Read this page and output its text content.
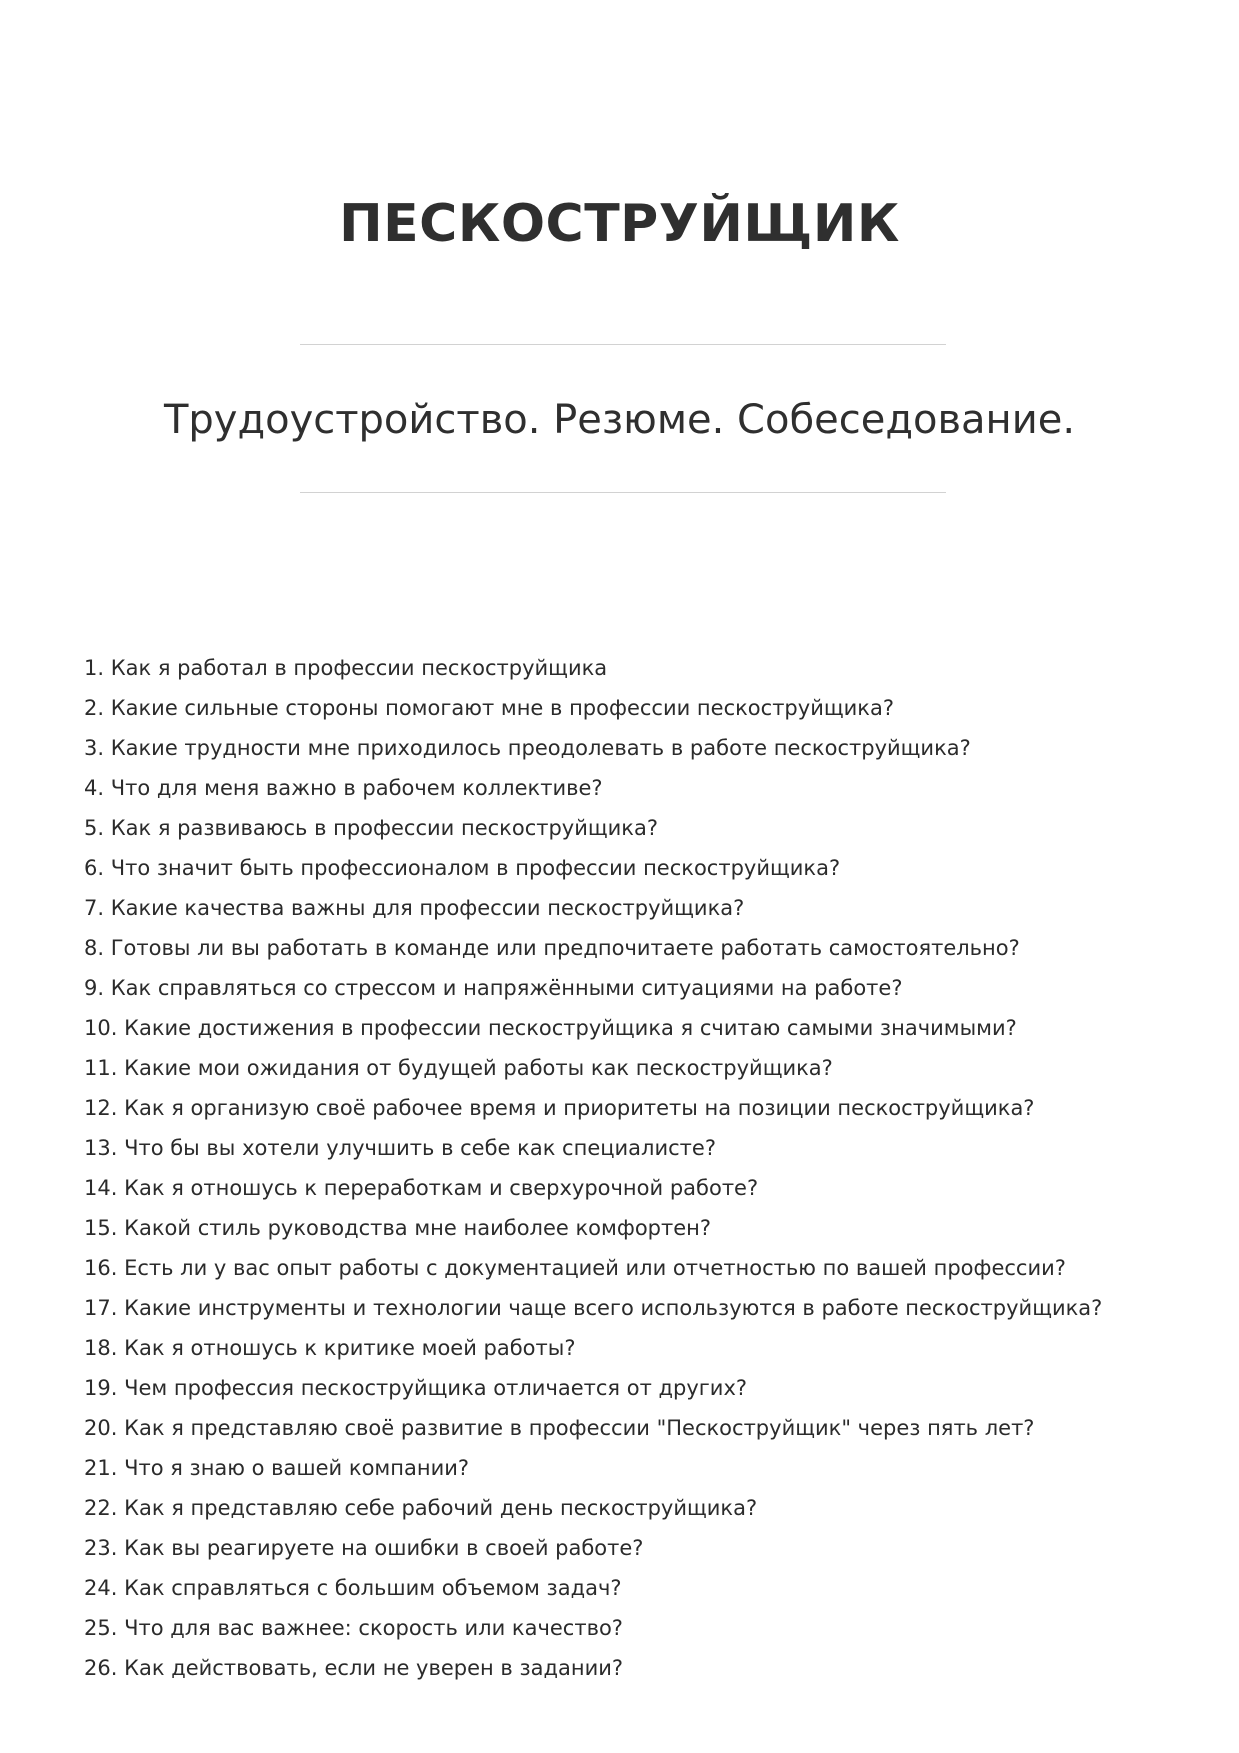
ПЕСКОСТРУЙЩИК
Трудоустройство. Резюме. Собеседование.
1. Как я работал в профессии пескоструйщика
2. Какие сильные стороны помогают мне в профессии пескоструйщика?
3. Какие трудности мне приходилось преодолевать в работе пескоструйщика?
4. Что для меня важно в рабочем коллективе?
5. Как я развиваюсь в профессии пескоструйщика?
6. Что значит быть профессионалом в профессии пескоструйщика?
7. Какие качества важны для профессии пескоструйщика?
8. Готовы ли вы работать в команде или предпочитаете работать самостоятельно?
9. Как справляться со стрессом и напряжёнными ситуациями на работе?
10. Какие достижения в профессии пескоструйщика я считаю самыми значимыми?
11. Какие мои ожидания от будущей работы как пескоструйщика?
12. Как я организую своё рабочее время и приоритеты на позиции пескоструйщика?
13. Что бы вы хотели улучшить в себе как специалисте?
14. Как я отношусь к переработкам и сверхурочной работе?
15. Какой стиль руководства мне наиболее комфортен?
16. Есть ли у вас опыт работы с документацией или отчетностью по вашей профессии?
17. Какие инструменты и технологии чаще всего используются в работе пескоструйщика?
18. Как я отношусь к критике моей работы?
19. Чем профессия пескоструйщика отличается от других?
20. Как я представляю своё развитие в профессии "Пескоструйщик" через пять лет?
21. Что я знаю о вашей компании?
22. Как я представляю себе рабочий день пескоструйщика?
23. Как вы реагируете на ошибки в своей работе?
24. Как справляться с большим объемом задач?
25. Что для вас важнее: скорость или качество?
26. Как действовать, если не уверен в задании?
